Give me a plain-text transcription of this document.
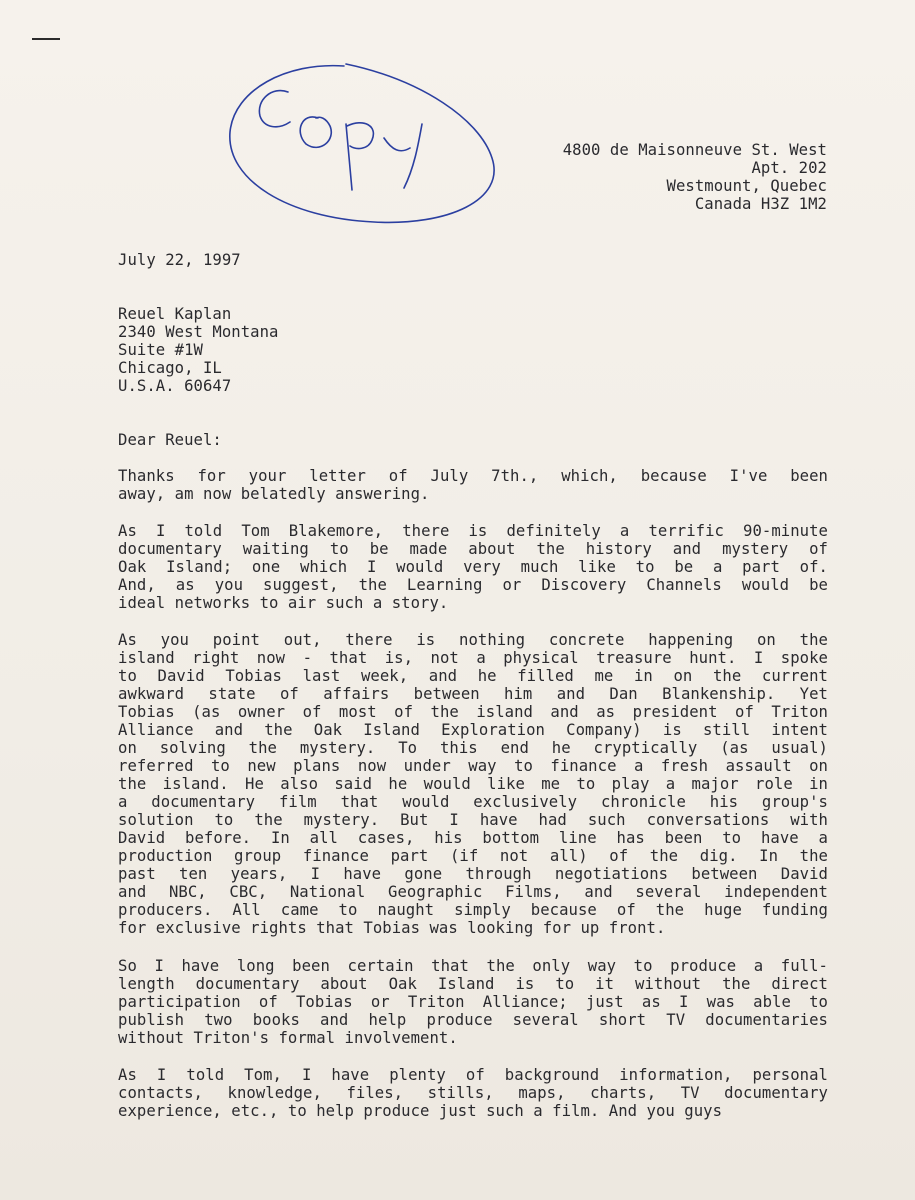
4800 de Maisonneuve St. West
Apt. 202
Westmount, Quebec
Canada H3Z 1M2
July 22, 1997
Reuel Kaplan
2340 West Montana
Suite #1W
Chicago, IL
U.S.A. 60647
Dear Reuel:
Thanks for your letter of July 7th., which, because I've been
away, am now belatedly answering.
As I told Tom Blakemore, there is definitely a terrific 90-minute
documentary waiting to be made about the history and mystery of
Oak Island; one which I would very much like to be a part of.
And, as you suggest, the Learning or Discovery Channels would be
ideal networks to air such a story.
As you point out, there is nothing concrete happening on the
island right now - that is, not a physical treasure hunt. I spoke
to David Tobias last week, and he filled me in on the current
awkward state of affairs between him and Dan Blankenship. Yet
Tobias (as owner of most of the island and as president of Triton
Alliance and the Oak Island Exploration Company) is still intent
on solving the mystery. To this end he cryptically (as usual)
referred to new plans now under way to finance a fresh assault on
the island. He also said he would like me to play a major role in
a documentary film that would exclusively chronicle his group's
solution to the mystery. But I have had such conversations with
David before. In all cases, his bottom line has been to have a
production group finance part (if not all) of the dig. In the
past ten years, I have gone through negotiations between David
and NBC, CBC, National Geographic Films, and several independent
producers. All came to naught simply because of the huge funding
for exclusive rights that Tobias was looking for up front.
So I have long been certain that the only way to produce a full-
length documentary about Oak Island is to it without the direct
participation of Tobias or Triton Alliance; just as I was able to
publish two books and help produce several short TV documentaries
without Triton's formal involvement.
As I told Tom, I have plenty of background information, personal
contacts, knowledge, files, stills, maps, charts, TV documentary
experience, etc., to help produce just such a film. And you guys
